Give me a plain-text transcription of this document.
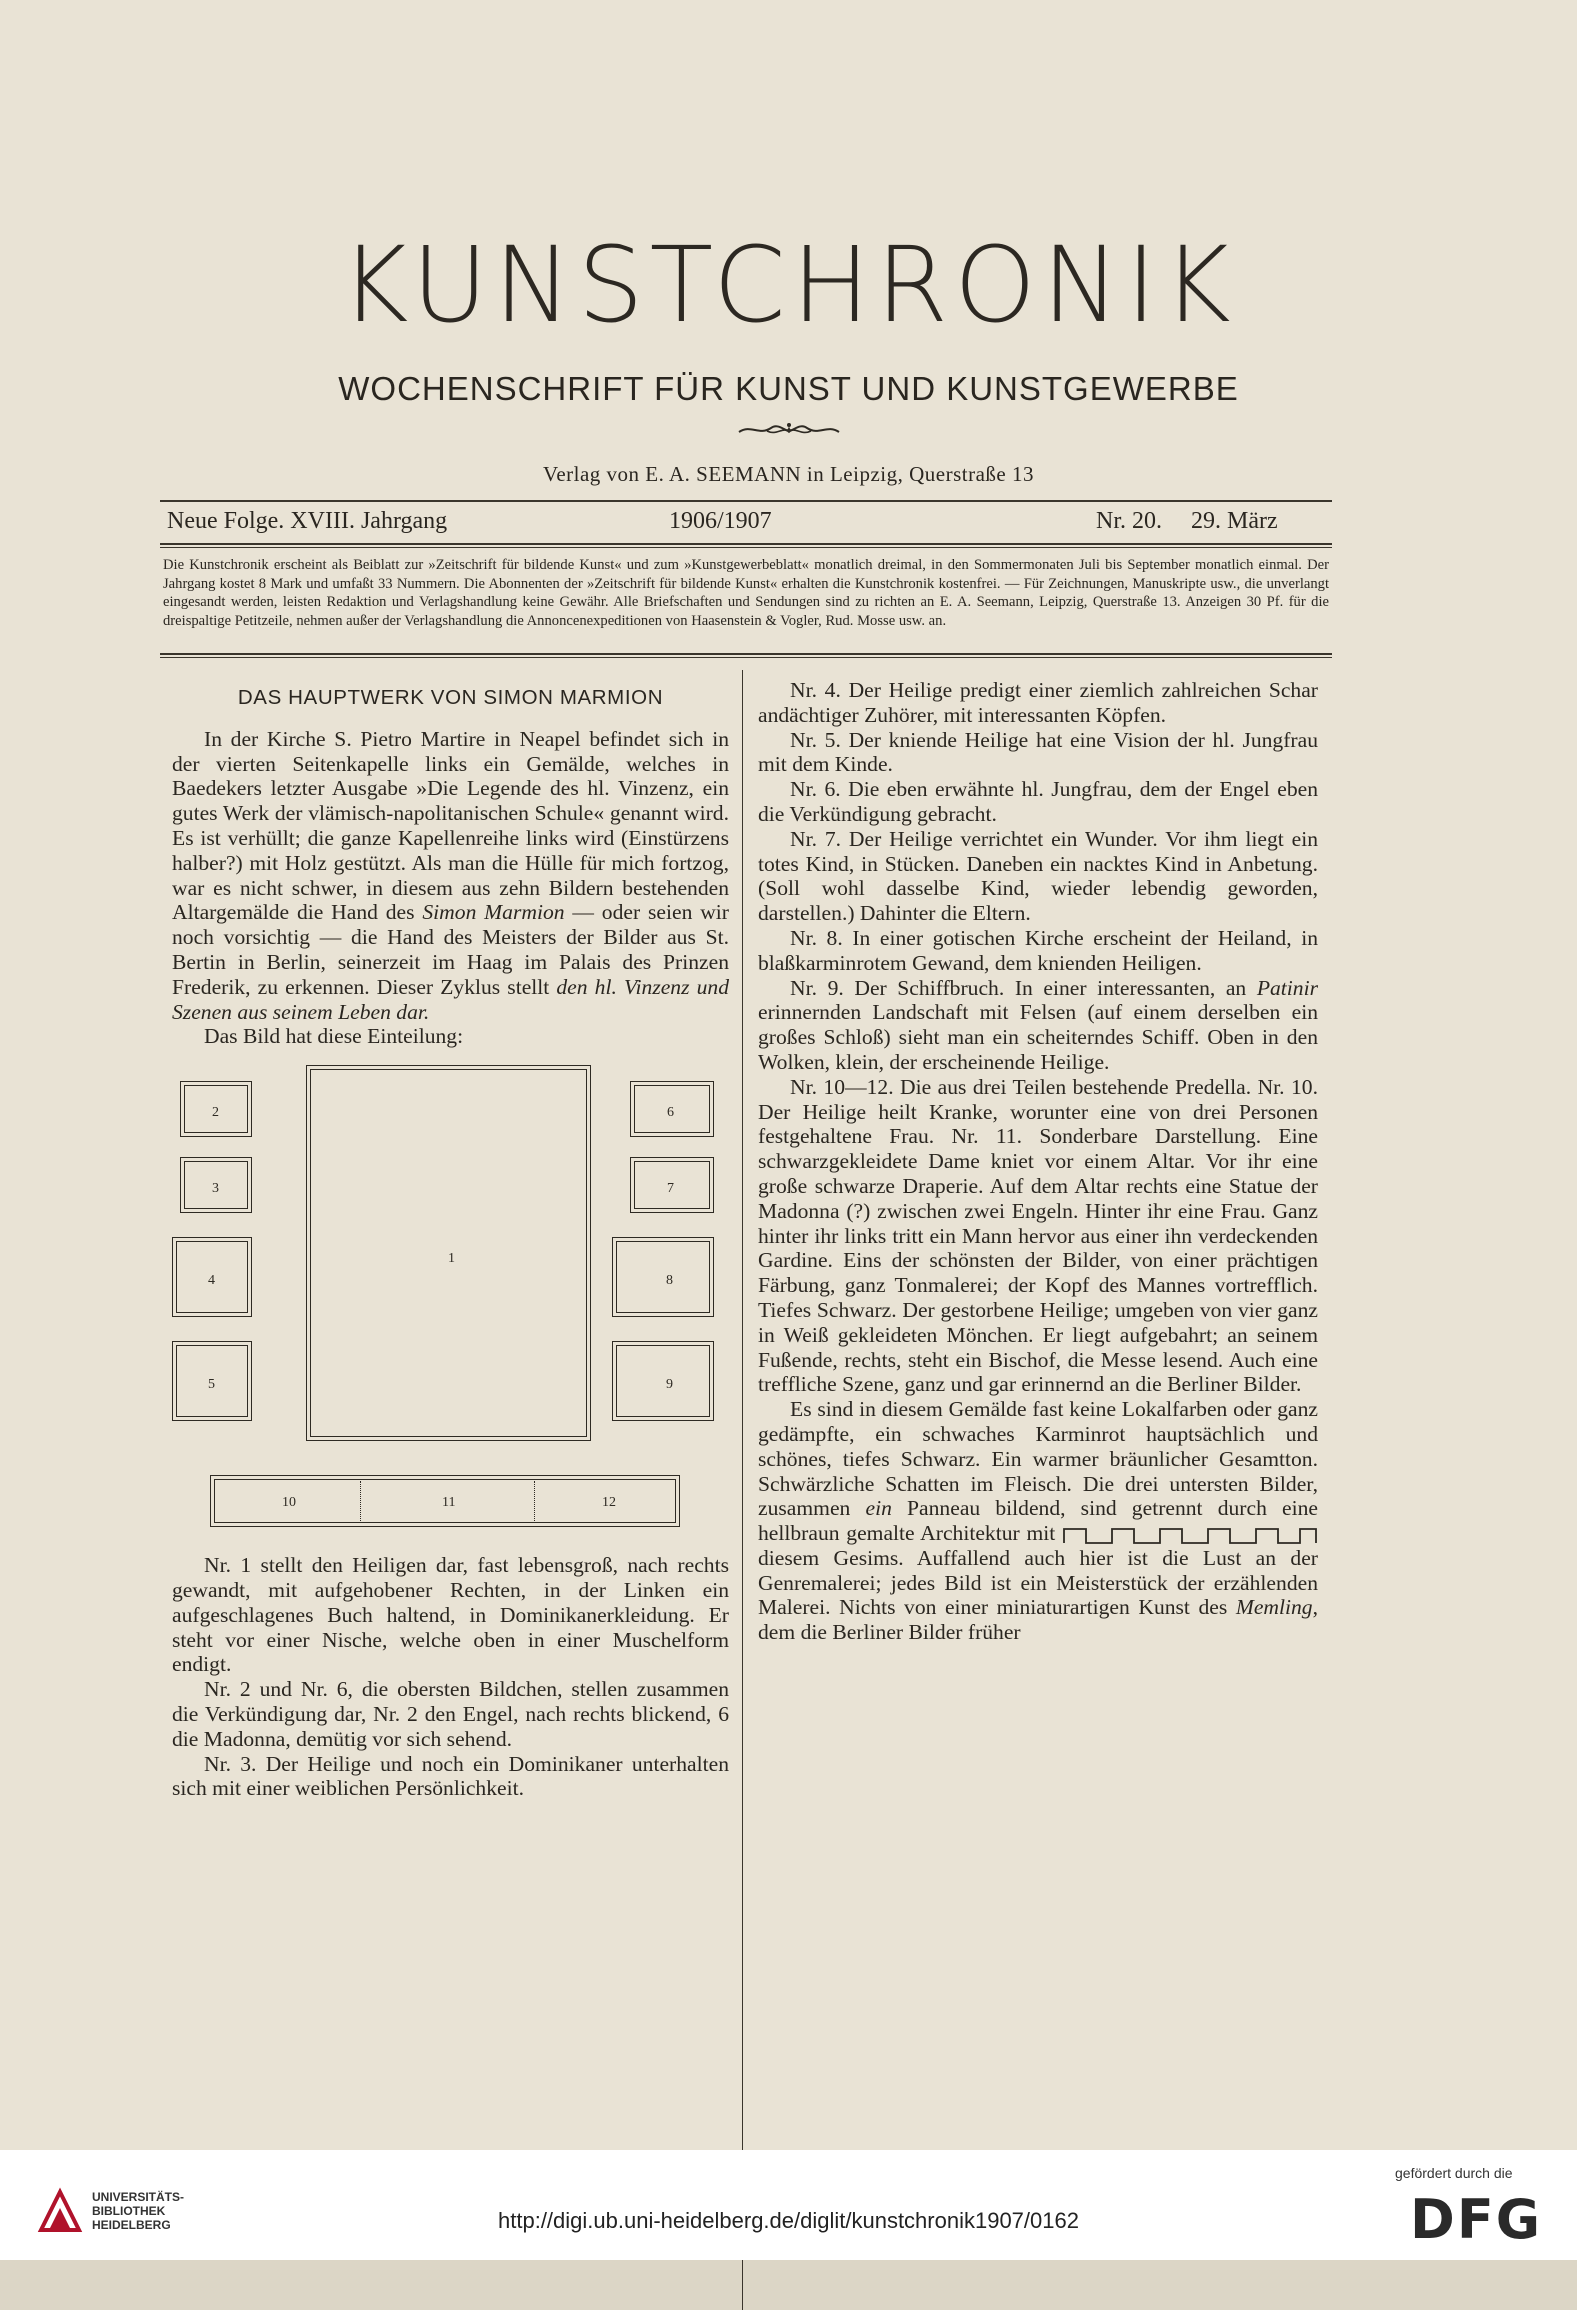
KUNSTCHRONIK
WOCHENSCHRIFT FÜR KUNST UND KUNSTGEWERBE
Verlag von E. A. SEEMANN in Leipzig, Querstraße 13
Neue Folge. XVIII. Jahrgang	1906/1907	Nr. 20. 29. März
Die Kunstchronik erscheint als Beiblatt zur »Zeitschrift für bildende Kunst« und zum »Kunstgewerbeblatt« monatlich dreimal, in den Sommermonaten Juli bis September monatlich einmal. Der Jahrgang kostet 8 Mark und umfaßt 33 Nummern. Die Abonnenten der »Zeitschrift für bildende Kunst« erhalten die Kunstchronik kostenfrei. — Für Zeichnungen, Manuskripte usw., die unverlangt eingesandt werden, leisten Redaktion und Verlagshandlung keine Gewähr. Alle Briefschaften und Sendungen sind zu richten an E. A. Seemann, Leipzig, Querstraße 13. Anzeigen 30 Pf. für die dreispaltige Petitzeile, nehmen außer der Verlagshandlung die Annoncenexpeditionen von Haasenstein & Vogler, Rud. Mosse usw. an.

DAS HAUPTWERK VON SIMON MARMION

In der Kirche S. Pietro Martire in Neapel befindet sich in der vierten Seitenkapelle links ein Gemälde, welches in Baedekers letzter Ausgabe »Die Legende des hl. Vinzenz, ein gutes Werk der vlämisch-napolitanischen Schule« genannt wird. Es ist verhüllt; die ganze Kapellenreihe links wird (Einstürzens halber?) mit Holz gestützt. Als man die Hülle für mich fortzog, war es nicht schwer, in diesem aus zehn Bildern bestehenden Altargemälde die Hand des Simon Marmion — oder seien wir noch vorsichtig — die Hand des Meisters der Bilder aus St. Bertin in Berlin, seinerzeit im Haag im Palais des Prinzen Frederik, zu erkennen. Dieser Zyklus stellt den hl. Vinzenz und Szenen aus seinem Leben dar.

Das Bild hat diese Einteilung:

1
2
3
4
5
6
7
8
9
10	11	12

Nr. 1 stellt den Heiligen dar, fast lebensgroß, nach rechts gewandt, mit aufgehobener Rechten, in der Linken ein aufgeschlagenes Buch haltend, in Dominikanerkleidung. Er steht vor einer Nische, welche oben in einer Muschelform endigt.

Nr. 2 und Nr. 6, die obersten Bildchen, stellen zusammen die Verkündigung dar, Nr. 2 den Engel, nach rechts blickend, 6 die Madonna, demütig vor sich sehend.

Nr. 3. Der Heilige und noch ein Dominikaner unterhalten sich mit einer weiblichen Persönlichkeit.

Nr. 4. Der Heilige predigt einer ziemlich zahlreichen Schar andächtiger Zuhörer, mit interessanten Köpfen.

Nr. 5. Der kniende Heilige hat eine Vision der hl. Jungfrau mit dem Kinde.

Nr. 6. Die eben erwähnte hl. Jungfrau, dem der Engel eben die Verkündigung gebracht.

Nr. 7. Der Heilige verrichtet ein Wunder. Vor ihm liegt ein totes Kind, in Stücken. Daneben ein nacktes Kind in Anbetung. (Soll wohl dasselbe Kind, wieder lebendig geworden, darstellen.) Dahinter die Eltern.

Nr. 8. In einer gotischen Kirche erscheint der Heiland, in blaßkarminrotem Gewand, dem knienden Heiligen.

Nr. 9. Der Schiffbruch. In einer interessanten, an Patinir erinnernden Landschaft mit Felsen (auf einem derselben ein großes Schloß) sieht man ein scheiterndes Schiff. Oben in den Wolken, klein, der erscheinende Heilige.

Nr. 10—12. Die aus drei Teilen bestehende Predella. Nr. 10. Der Heilige heilt Kranke, worunter eine von drei Personen festgehaltene Frau. Nr. 11. Sonderbare Darstellung. Eine schwarzgekleidete Dame kniet vor einem Altar. Vor ihr eine große schwarze Draperie. Auf dem Altar rechts eine Statue der Madonna (?) zwischen zwei Engeln. Hinter ihr eine Frau. Ganz hinter ihr links tritt ein Mann hervor aus einer ihn verdeckenden Gardine. Eins der schönsten der Bilder, von einer prächtigen Färbung, ganz Tonmalerei; der Kopf des Mannes vortrefflich. Tiefes Schwarz. Der gestorbene Heilige; umgeben von vier ganz in Weiß gekleideten Mönchen. Er liegt aufgebahrt; an seinem Fußende, rechts, steht ein Bischof, die Messe lesend. Auch eine treffliche Szene, ganz und gar erinnernd an die Berliner Bilder.

Es sind in diesem Gemälde fast keine Lokalfarben oder ganz gedämpfte, ein schwaches Karminrot hauptsächlich und schönes, tiefes Schwarz. Ein warmer bräunlicher Gesamtton. Schwärzliche Schatten im Fleisch. Die drei untersten Bilder, zusammen ein Panneau bildend, sind getrennt durch eine hellbraun gemalte Architektur mit  diesem Gesims. Auffallend auch hier ist die Lust an der Genremalerei; jedes Bild ist ein Meisterstück der erzählenden Malerei. Nichts von einer miniaturartigen Kunst des Memling, dem die Berliner Bilder früher

UNIVERSITÄTS-
BIBLIOTHEK
HEIDELBERG	http://digi.ub.uni-heidelberg.de/diglit/kunstchronik1907/0162
gefördert durch die
DFG
